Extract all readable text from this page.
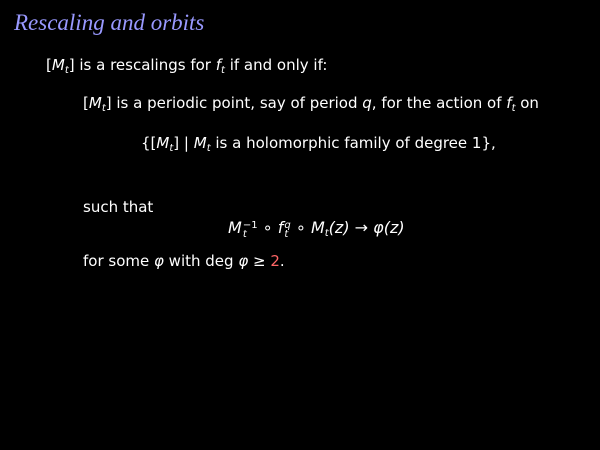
Rescaling and orbits
$[M_t]$ is a rescalings for $f_t$ if and only if:
$[M_t]$ is a periodic point, say of period q, for the action of $f_t$ on
{$[M_t]$ | $M_t$ is a holomorphic family of degree 1},
such that
M −1
t ∘ f q
t ∘ $M_t(z) \to \varphi(z)$
for some φ with deg φ ≥ 2.
